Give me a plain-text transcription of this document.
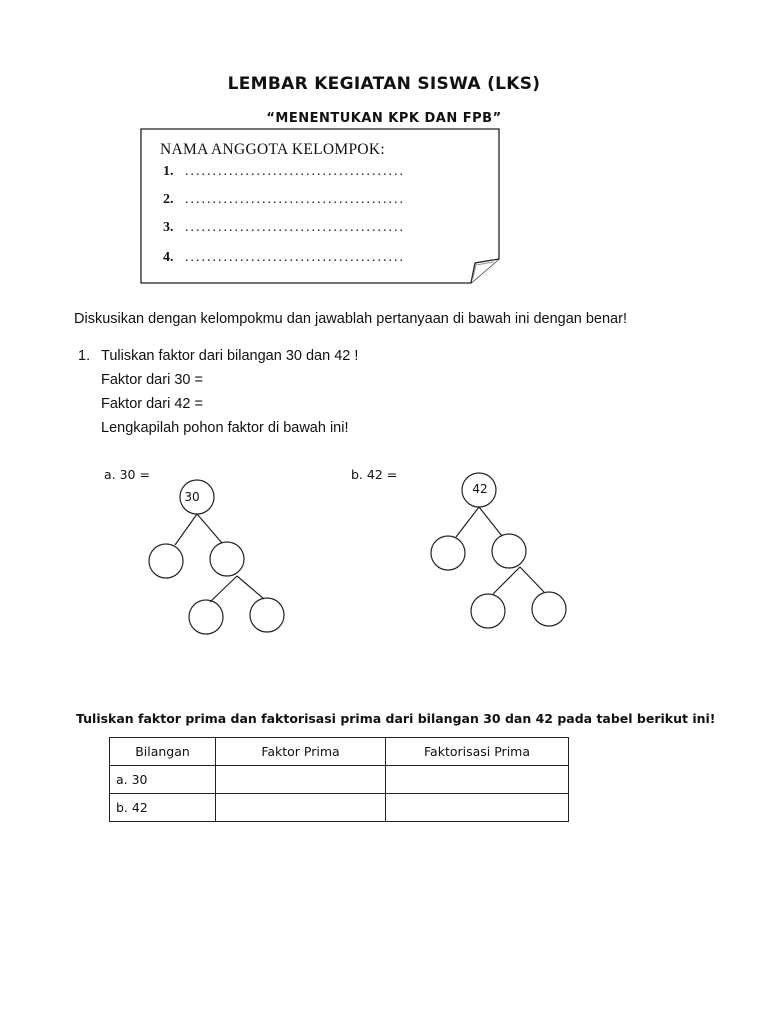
LEMBAR KEGIATAN SISWA (LKS)
“MENENTUKAN KPK DAN FPB”
NAMA ANGGOTA KELOMPOK:
1. ........................................
2. ........................................
3. ........................................
4. ........................................
Diskusikan dengan kelompokmu dan jawablah pertanyaan di bawah ini dengan benar!
1. Tuliskan faktor dari bilangan 30 dan 42 !
Faktor dari 30 =
Faktor dari 42 =
Lengkapilah pohon faktor di bawah ini!
a. 30 =	b. 42 =
30
42
Tuliskan faktor prima dan faktorisasi prima dari bilangan 30 dan 42 pada tabel berikut ini!
Bilangan	Faktor Prima	Faktorisasi Prima
a. 30		
b. 42		
